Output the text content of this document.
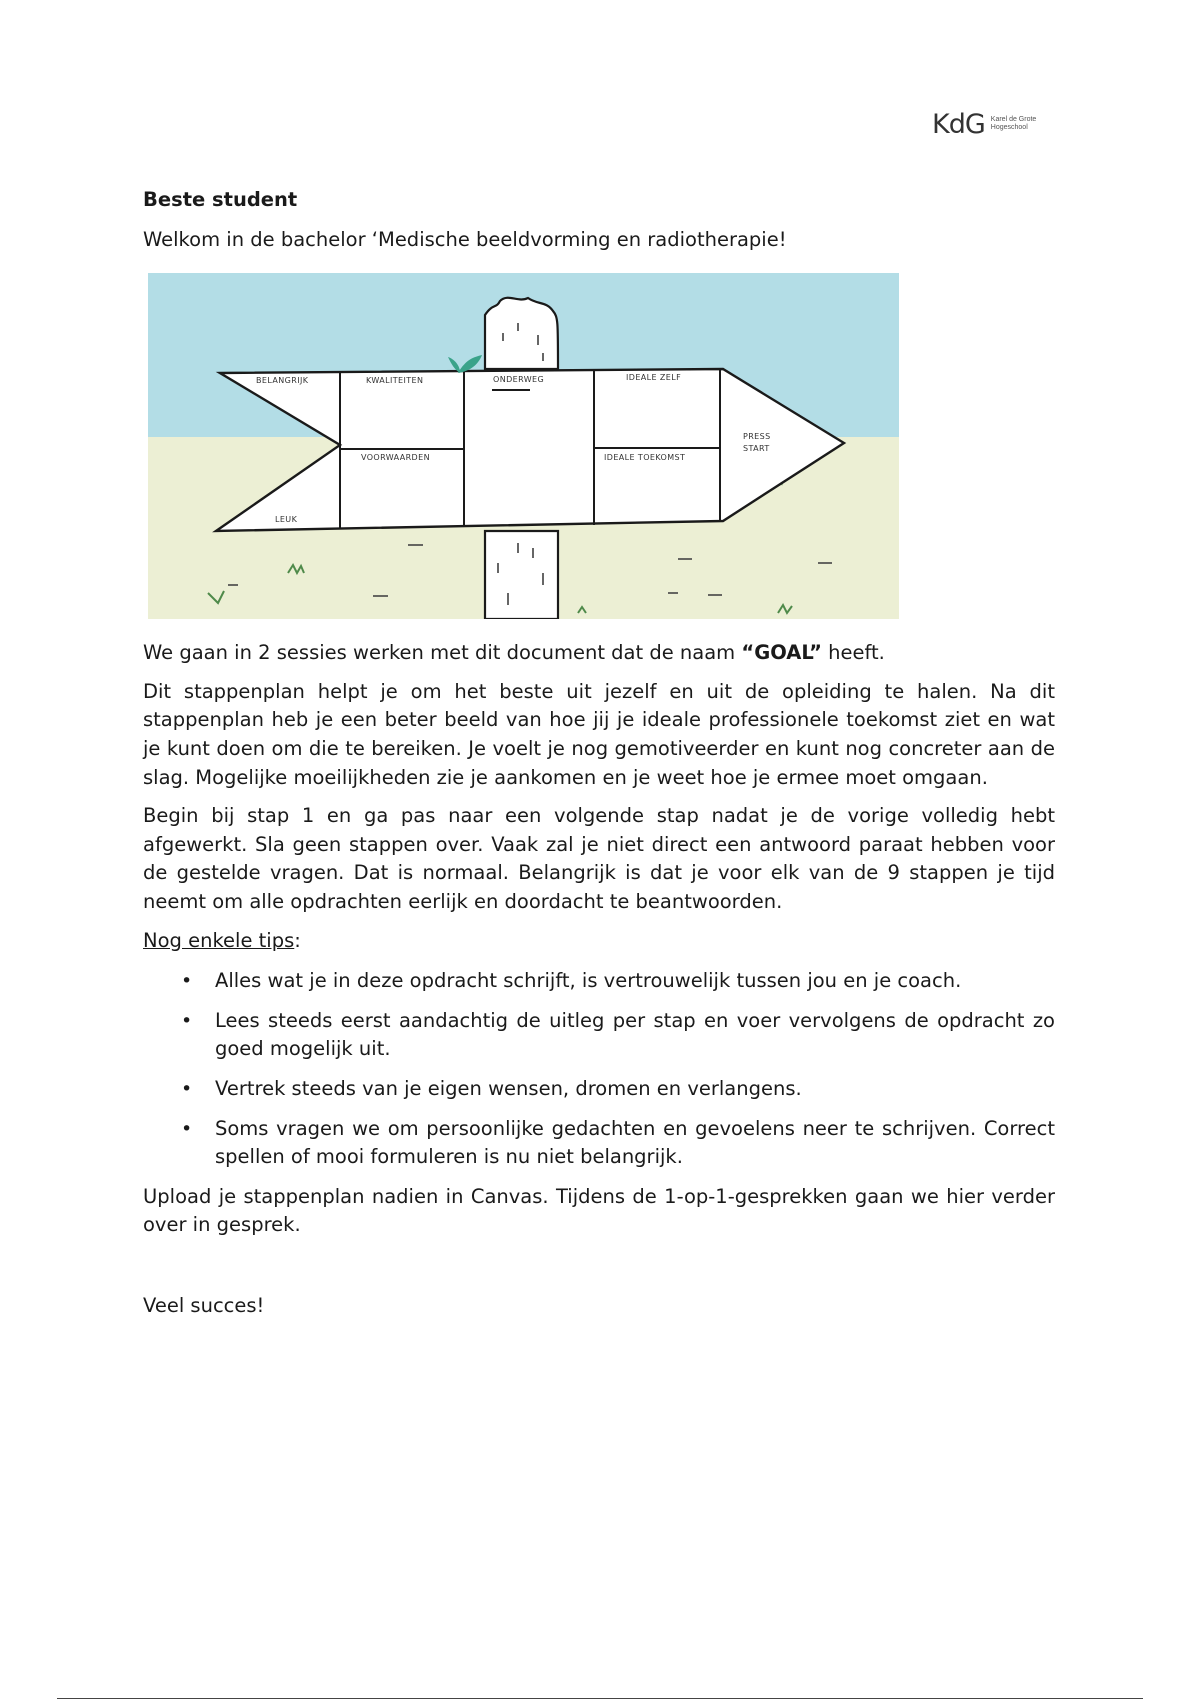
KdG Karel de Grote
Hogeschool
Beste student
Welkom in de bachelor ‘Medische beeldvorming en radiotherapie!
BELANGRIJK	KWALITEITEN	ONDERWEG	IDEALE ZELF
VOORWAARDEN	IDEALE TOEKOMST
PRESS
START
LEUK
We gaan in 2 sessies werken met dit document dat de naam “GOAL” heeft.
Dit stappenplan helpt je om het beste uit jezelf en uit de opleiding te halen. Na dit stappenplan heb je een beter beeld van hoe jij je ideale professionele toekomst ziet en wat je kunt doen om die te bereiken. Je voelt je nog gemotiveerder en kunt nog concreter aan de slag. Mogelijke moeilijkheden zie je aankomen en je weet hoe je ermee moet omgaan.
Begin bij stap 1 en ga pas naar een volgende stap nadat je de vorige volledig hebt afgewerkt. Sla geen stappen over. Vaak zal je niet direct een antwoord paraat hebben voor de gestelde vragen. Dat is normaal. Belangrijk is dat je voor elk van de 9 stappen je tijd neemt om alle opdrachten eerlijk en doordacht te beantwoorden.
Nog enkele tips:
• Alles wat je in deze opdracht schrijft, is vertrouwelijk tussen jou en je coach.
• Lees steeds eerst aandachtig de uitleg per stap en voer vervolgens de opdracht zo goed mogelijk uit.
• Vertrek steeds van je eigen wensen, dromen en verlangens.
• Soms vragen we om persoonlijke gedachten en gevoelens neer te schrijven. Correct spellen of mooi formuleren is nu niet belangrijk.
Upload je stappenplan nadien in Canvas. Tijdens de 1-op-1-gesprekken gaan we hier verder over in gesprek.
Veel succes!
